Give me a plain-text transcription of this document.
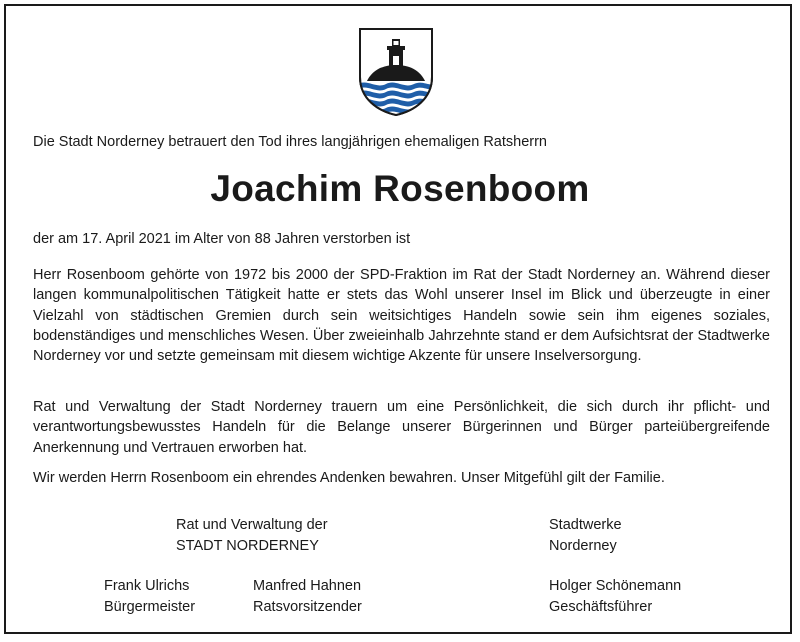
Die Stadt Norderney betrauert den Tod ihres langjährigen ehemaligen Ratsherrn
Joachim Rosenboom
der am 17. April 2021 im Alter von 88 Jahren verstorben ist

Herr Rosenboom gehörte von 1972 bis 2000 der SPD-Fraktion im Rat der Stadt Norderney an. Während dieser langen kommunalpolitischen Tätigkeit hatte er stets das Wohl unserer Insel im Blick und überzeugte in einer Vielzahl von städtischen Gremien durch sein weitsichtiges Handeln sowie sein ihm eigenes soziales, bodenständiges und menschliches Wesen. Über zweieinhalb Jahrzehnte stand er dem Aufsichtsrat der Stadtwerke Norderney vor und setzte gemeinsam mit diesem wichtige Akzente für unsere Inselversorgung.

Rat und Verwaltung der Stadt Norderney trauern um eine Persönlichkeit, die sich durch ihr pflicht- und verantwortungsbewusstes Handeln für die Belange unserer Bürgerinnen und Bürger parteiübergreifende Anerkennung und Vertrauen erworben hat.

Wir werden Herrn Rosenboom ein ehrendes Andenken bewahren. Unser Mitgefühl gilt der Familie.

Rat und Verwaltung der
STADT NORDERNEY
Stadtwerke
Norderney
Frank Ulrichs
Bürgermeister
Manfred Hahnen
Ratsvorsitzender
Holger Schönemann
Geschäftsführer
